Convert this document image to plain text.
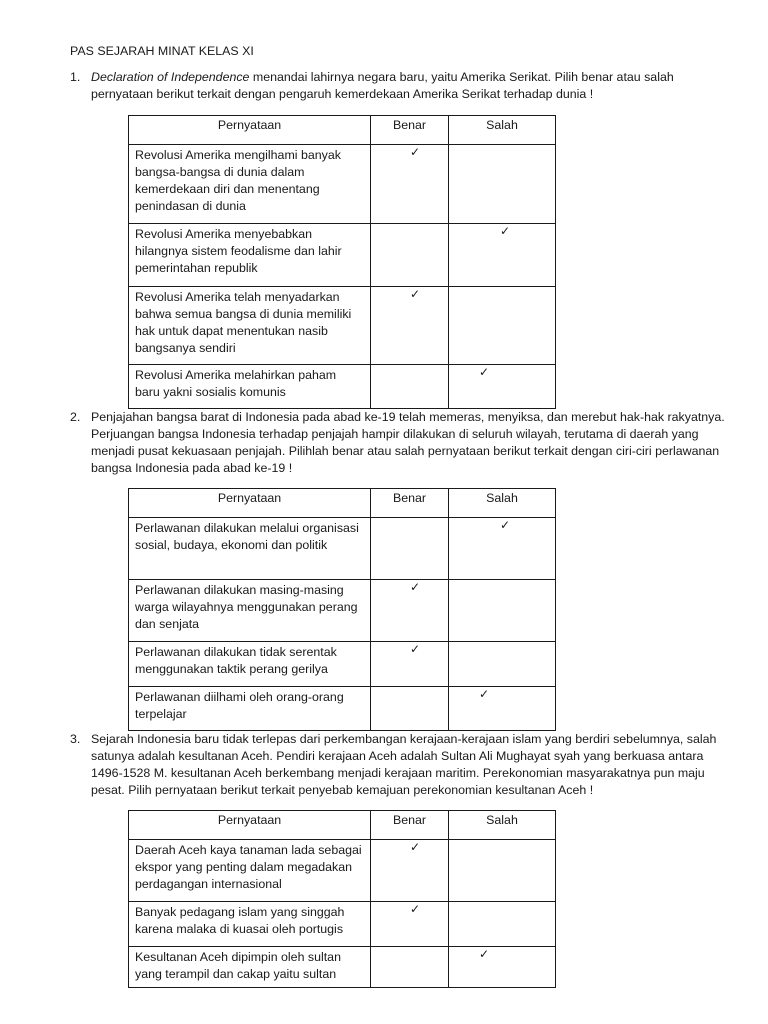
PAS SEJARAH MINAT KELAS XI
1. Declaration of Independence menandai lahirnya negara baru, yaitu Amerika Serikat. Pilih benar atau salah pernyataan berikut terkait dengan pengaruh kemerdekaan Amerika Serikat terhadap dunia !
Pernyataan	Benar	Salah
Revolusi Amerika mengilhami banyak bangsa-bangsa di dunia dalam kemerdekaan diri dan menentang penindasan di dunia	✓	

Revolusi Amerika menyebabkan hilangnya sistem feodalisme dan lahir pemerintahan republik		✓

Revolusi Amerika telah menyadarkan bahwa semua bangsa di dunia memiliki hak untuk dapat menentukan nasib bangsanya sendiri	✓	

Revolusi Amerika melahirkan paham baru yakni sosialis komunis		✓
2. Penjajahan bangsa barat di Indonesia pada abad ke-19 telah memeras, menyiksa, dan merebut hak-hak rakyatnya. Perjuangan bangsa Indonesia terhadap penjajah hampir dilakukan di seluruh wilayah, terutama di daerah yang menjadi pusat kekuasaan penjajah. Pilihlah benar atau salah pernyataan berikut terkait dengan ciri-ciri perlawanan bangsa Indonesia pada abad ke-19 !
Pernyataan	Benar	Salah
Perlawanan dilakukan melalui organisasi sosial, budaya, ekonomi dan politik		✓

Perlawanan dilakukan masing-masing warga wilayahnya menggunakan perang dan senjata	✓	

Perlawanan dilakukan tidak serentak menggunakan taktik perang gerilya	✓	

Perlawanan diilhami oleh orang-orang terpelajar		✓
3. Sejarah Indonesia baru tidak terlepas dari perkembangan kerajaan-kerajaan islam yang berdiri sebelumnya, salah satunya adalah kesultanan Aceh. Pendiri kerajaan Aceh adalah Sultan Ali Mughayat syah yang berkuasa antara 1496-1528 M. kesultanan Aceh berkembang menjadi kerajaan maritim. Perekonomian masyarakatnya pun maju pesat. Pilih pernyataan berikut terkait penyebab kemajuan perekonomian kesultanan Aceh !
Pernyataan	Benar	Salah
Daerah Aceh kaya tanaman lada sebagai ekspor yang penting dalam megadakan perdagangan internasional	✓	

Banyak pedagang islam yang singgah karena malaka di kuasai oleh portugis	✓	

Kesultanan Aceh dipimpin oleh sultan yang terampil dan cakap yaitu sultan		✓
